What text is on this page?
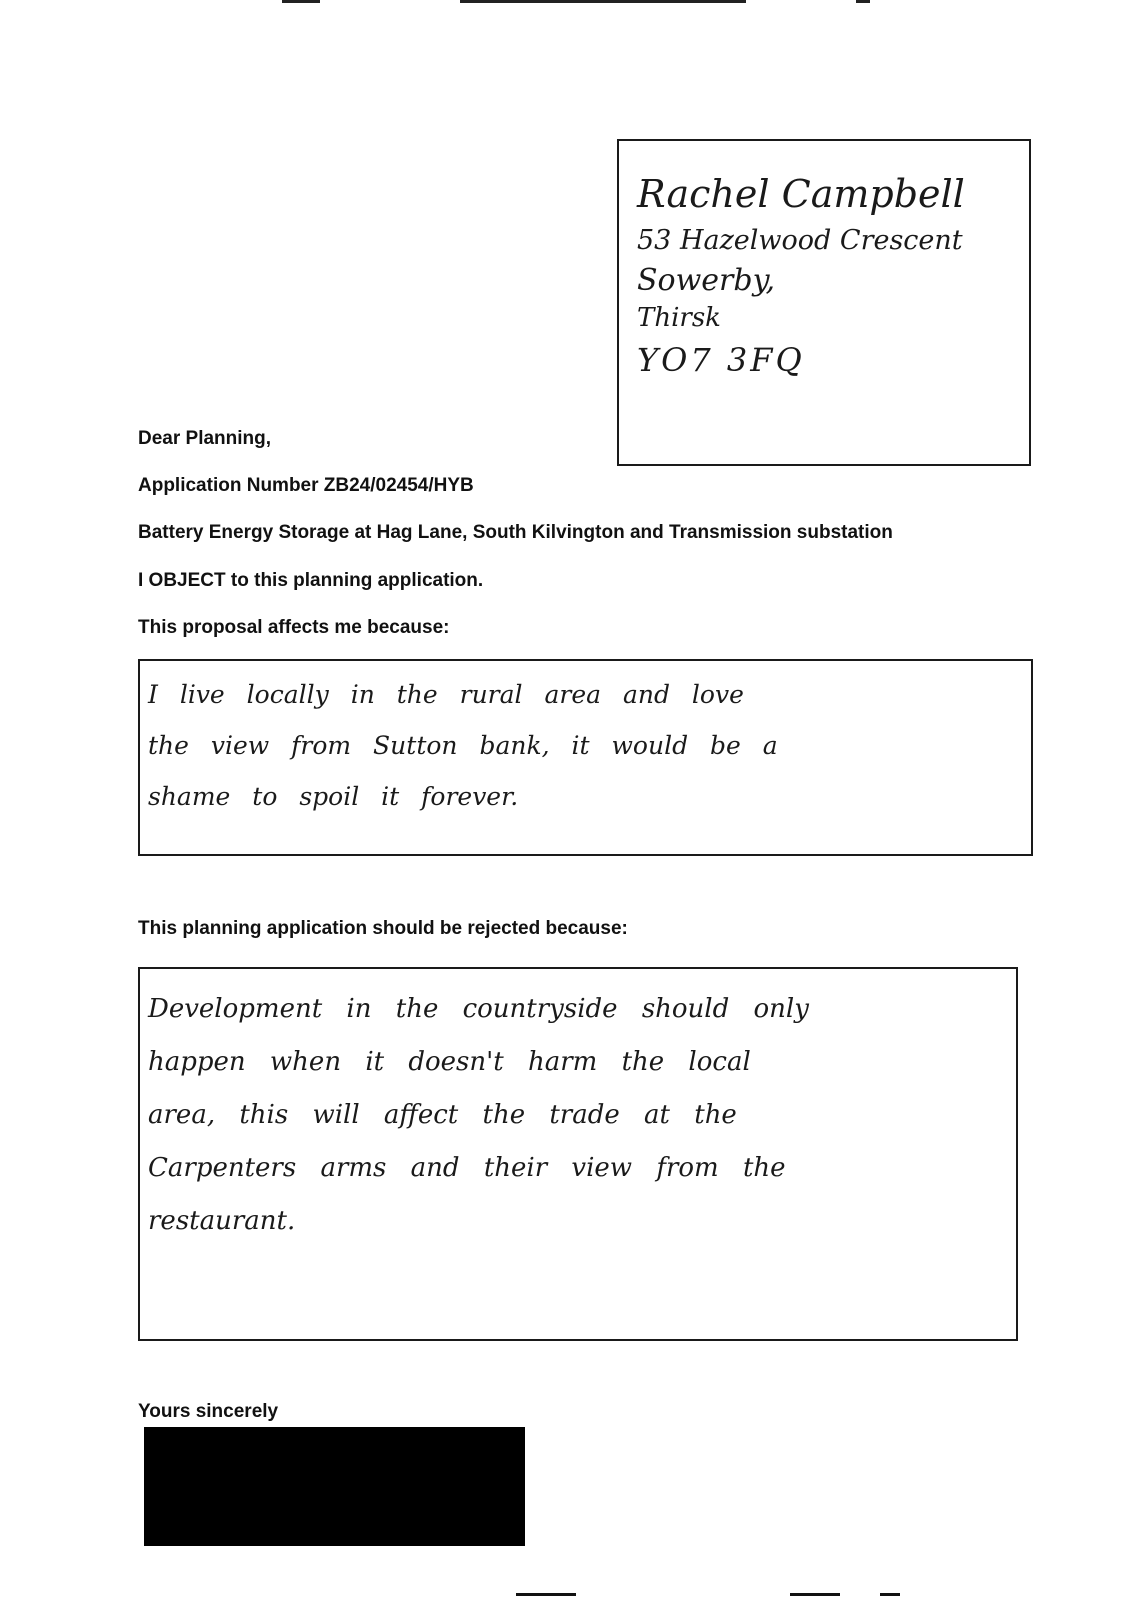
Rachel Campbell
53 Hazelwood Crescent
Sowerby,
Thirsk
YO7 3FQ
Dear Planning,
Application Number ZB24/02454/HYB
Battery Energy Storage at Hag Lane, South Kilvington and Transmission substation
I OBJECT to this planning application.
This proposal affects me because:
I live locally in the rural area and love
the view from Sutton bank, it would be a
shame to spoil it forever.
This planning application should be rejected because:
Development in the countryside should only
happen when it doesn't harm the local
area, this will affect the trade at the
Carpenters arms and their view from the
restaurant.
Yours sincerely
